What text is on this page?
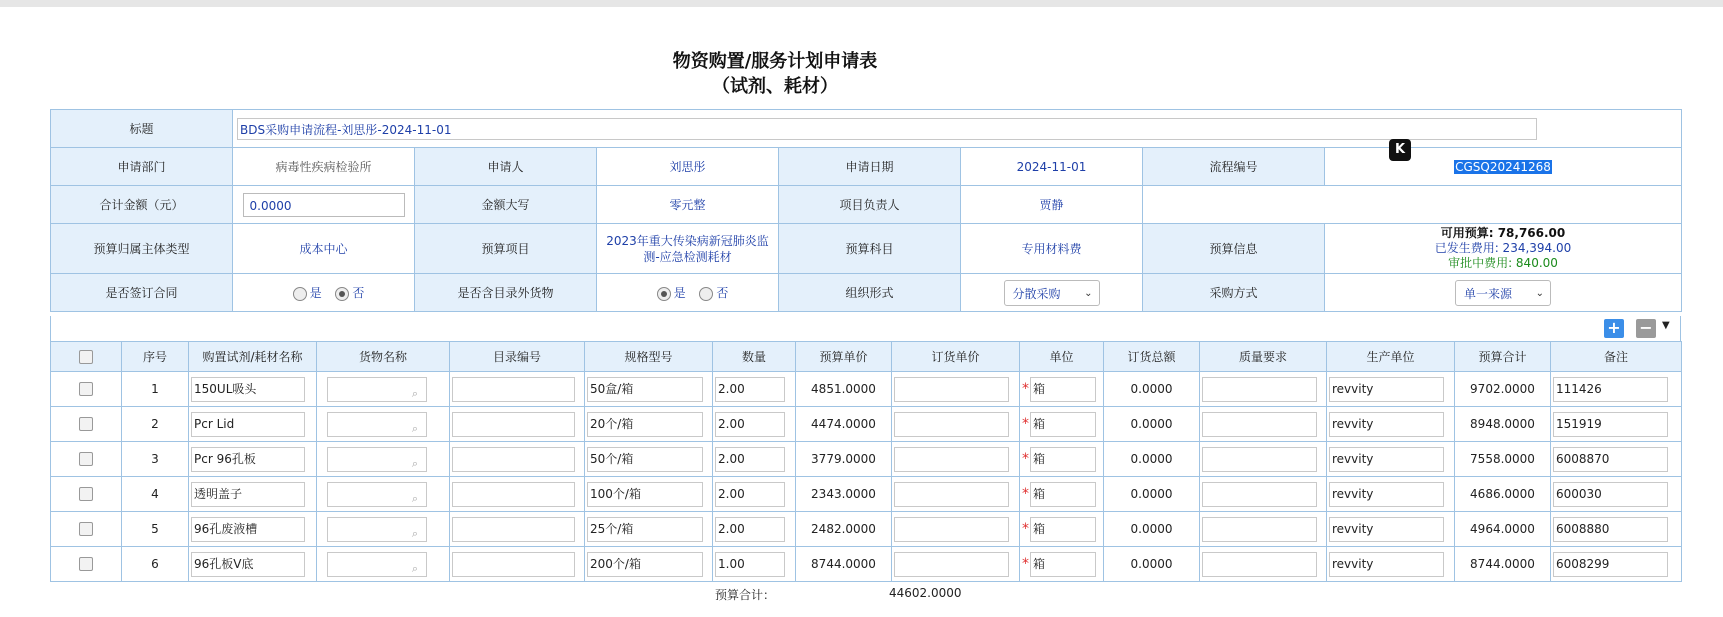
物资购置/服务计划申请表
（试剂、耗材）
标题	BDS采购申请流程-刘思彤-2024-11-01						

申请部门	病毒性疾病检验所	申请人	刘思彤	申请日期	2024-11-01	流程编号	CGSQ20241268
合计金额（元）	0.0000	金额大写	零元整	项目负责人	贾静		
预算归属主体类型	成本中心	预算项目	2023年重大传染病新冠肺炎监测-应急检测耗材	预算科目	专用材料费	预算信息	可用预算: 78,766.00
已发生费用: 234,394.00
审批中费用: 840.00

是否签订合同	是 否	是否含目录外货物	是 否	组织形式	分散采购 ⌄	采购方式	单一来源 ⌄
K
+ − ▼
	序号	购置试剂/耗材名称	货物名称	目录编号	规格型号	数量	预算单价	订货单价	单位	订货总额	质量要求	生产单位	预算合计	备注
	1	150UL吸头	⌕		50盒/箱	2.00	4851.0000		* 箱	0.0000		revvity	9702.0000	111426

	2	Pcr Lid	⌕		20个/箱	2.00	4474.0000		* 箱	0.0000		revvity	8948.0000	151919

	3	Pcr 96孔板	⌕		50个/箱	2.00	3779.0000		* 箱	0.0000		revvity	7558.0000	6008870

	4	透明盖子	⌕		100个/箱	2.00	2343.0000		* 箱	0.0000		revvity	4686.0000	600030

	5	96孔废液槽	⌕		25个/箱	2.00	2482.0000		* 箱	0.0000		revvity	4964.0000	6008880

	6	96孔板V底	⌕		200个/箱	1.00	8744.0000		* 箱	0.0000		revvity	8744.0000	6008299
预算合计：	44602.0000
